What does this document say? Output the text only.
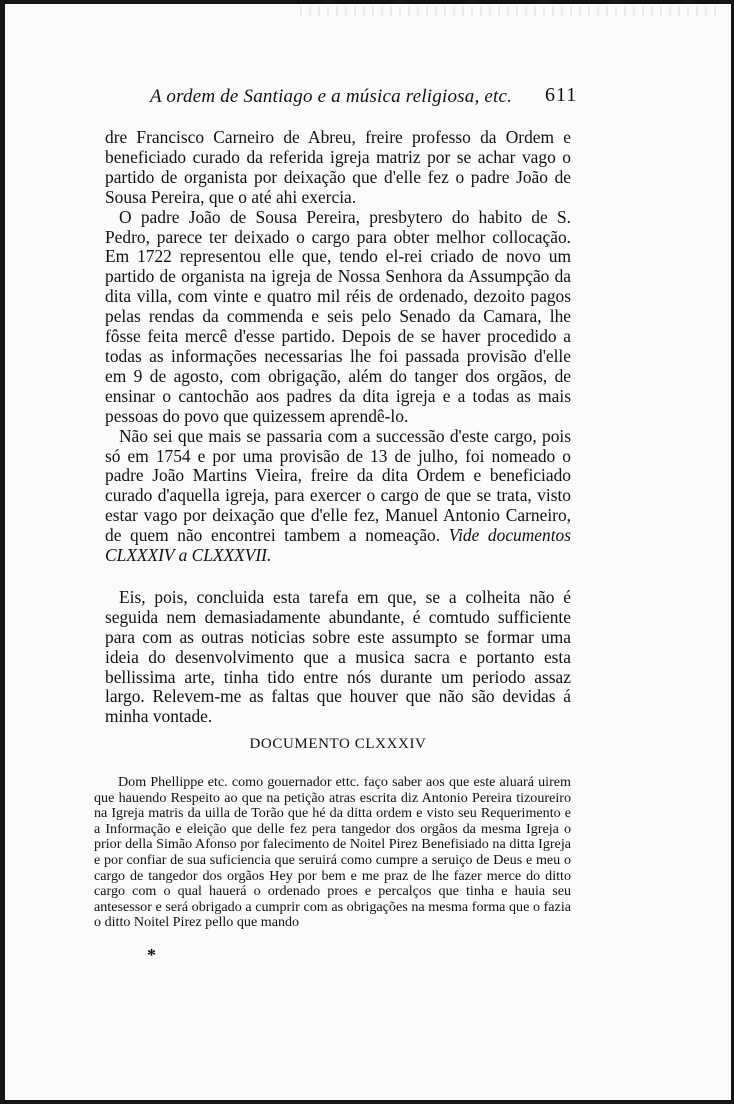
A ordem de Santiago e a música religiosa, etc.	611

dre Francisco Carneiro de Abreu, freire professo da Ordem e beneficiado curado da referida igreja matriz por se achar vago o partido de organista por deixação que d'elle fez o padre João de Sousa Pereira, que o até ahi exercia.

O padre João de Sousa Pereira, presbytero do habito de S. Pedro, parece ter deixado o cargo para obter melhor collocação. Em 1722 representou elle que, tendo el-rei criado de novo um partido de organista na igreja de Nossa Senhora da Assumpção da dita villa, com vinte e quatro mil réis de ordenado, dezoito pagos pelas rendas da commenda e seis pelo Senado da Camara, lhe fôsse feita mercê d'esse partido. Depois de se haver procedido a todas as informações necessarias lhe foi passada provisão d'elle em 9 de agosto, com obrigação, além do tanger dos orgãos, de ensinar o cantochão aos padres da dita igreja e a todas as mais pessoas do povo que quizessem aprendê-lo.

Não sei que mais se passaria com a successão d'este cargo, pois só em 1754 e por uma provisão de 13 de julho, foi nomeado o padre João Martins Vieira, freire da dita Ordem e beneficiado curado d'aquella igreja, para exercer o cargo de que se trata, visto estar vago por deixação que d'elle fez, Manuel Antonio Carneiro, de quem não encontrei tambem a nomeação. Vide documentos CLXXXIV a CLXXXVII.

Eis, pois, concluida esta tarefa em que, se a colheita não é seguida nem demasiadamente abundante, é comtudo sufficiente para com as outras noticias sobre este assumpto se formar uma ideia do desenvolvimento que a musica sacra e portanto esta bellissima arte, tinha tido entre nós durante um periodo assaz largo. Relevem-me as faltas que houver que não são devidas á minha vontade.

DOCUMENTO CLXXXIV

Dom Phellippe etc. como gouernador ettc. faço saber aos que este aluará uirem que hauendo Respeito ao que na petição atras escrita diz Antonio Pereira tizoureiro na Igreja matris da uilla de Torão que hé da ditta ordem e visto seu Requerimento e a Informação e eleição que delle fez pera tangedor dos orgãos da mesma Igreja o prior della Simão Afonso por falecimento de Noitel Pirez Benefisiado na ditta Igreja e por confiar de sua suficiencia que seruirá como cumpre a seruiço de Deus e meu o cargo de tangedor dos orgãos Hey por bem e me praz de lhe fazer merce do ditto cargo com o qual hauerá o ordenado proes e percalços que tinha e hauia seu antesessor e será obrigado a cumprir com as obrigações na mesma forma que o fazia o ditto Noitel Pirez pello que mando

*
